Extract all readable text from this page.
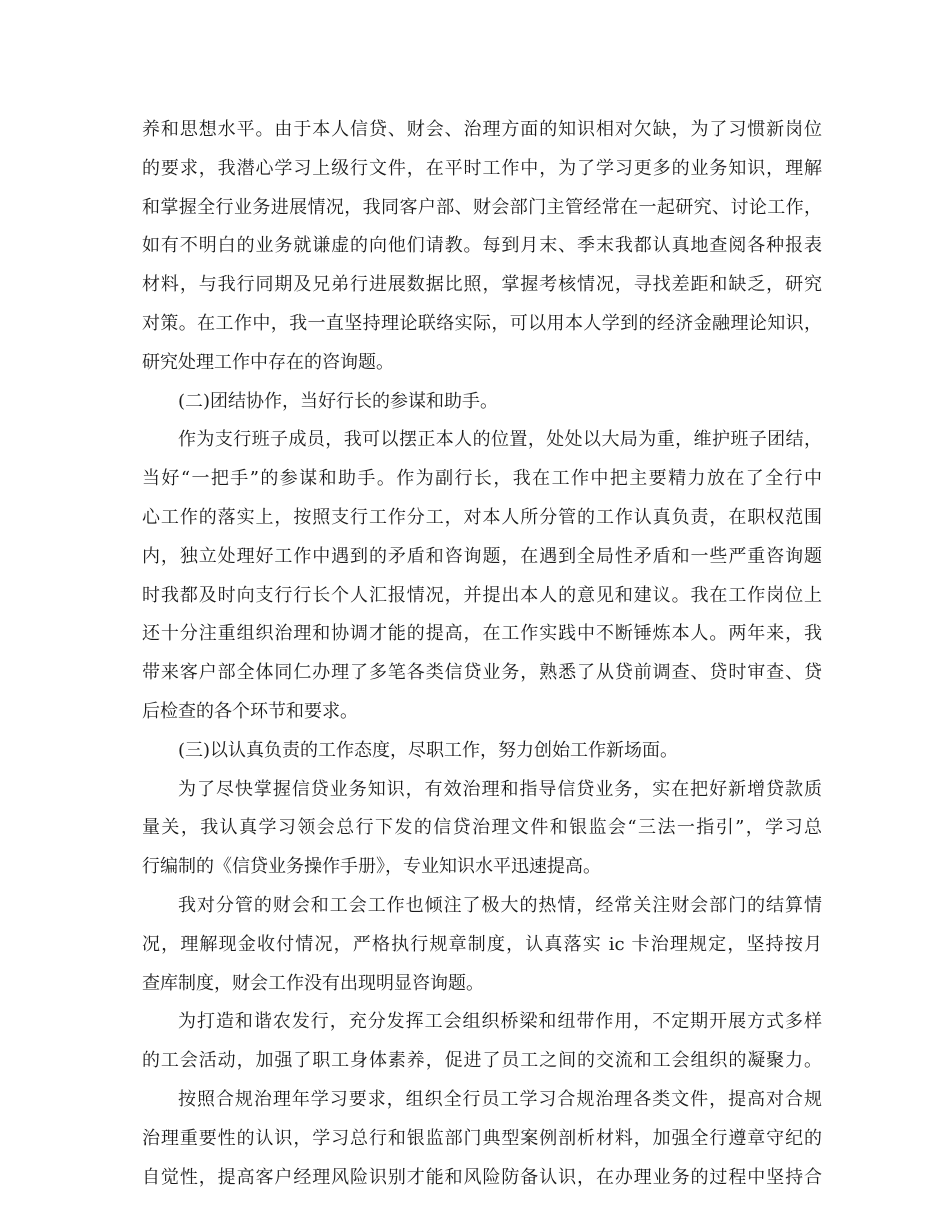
养和思想水平。由于本人信贷、财会、治理方面的知识相对欠缺，为了习惯新岗位
的要求，我潜心学习上级行文件，在平时工作中，为了学习更多的业务知识，理解
和掌握全行业务进展情况，我同客户部、财会部门主管经常在一起研究、讨论工作，
如有不明白的业务就谦虚的向他们请教。每到月末、季末我都认真地查阅各种报表
材料，与我行同期及兄弟行进展数据比照，掌握考核情况，寻找差距和缺乏，研究
对策。在工作中，我一直坚持理论联络实际，可以用本人学到的经济金融理论知识，
研究处理工作中存在的咨询题。
(二)团结协作，当好行长的参谋和助手。
作为支行班子成员，我可以摆正本人的位置，处处以大局为重，维护班子团结，
当好“一把手”的参谋和助手。作为副行长，我在工作中把主要精力放在了全行中
心工作的落实上，按照支行工作分工，对本人所分管的工作认真负责，在职权范围
内，独立处理好工作中遇到的矛盾和咨询题，在遇到全局性矛盾和一些严重咨询题
时我都及时向支行行长个人汇报情况，并提出本人的意见和建议。我在工作岗位上
还十分注重组织治理和协调才能的提高，在工作实践中不断锤炼本人。两年来，我
带来客户部全体同仁办理了多笔各类信贷业务，熟悉了从贷前调查、贷时审查、贷
后检查的各个环节和要求。
(三)以认真负责的工作态度，尽职工作，努力创始工作新场面。
为了尽快掌握信贷业务知识，有效治理和指导信贷业务，实在把好新增贷款质
量关，我认真学习领会总行下发的信贷治理文件和银监会“三法一指引”，学习总
行编制的《信贷业务操作手册》，专业知识水平迅速提高。
我对分管的财会和工会工作也倾注了极大的热情，经常关注财会部门的结算情
况，理解现金收付情况，严格执行规章制度，认真落实 ic 卡治理规定，坚持按月
查库制度，财会工作没有出现明显咨询题。
为打造和谐农发行，充分发挥工会组织桥梁和纽带作用，不定期开展方式多样
的工会活动，加强了职工身体素养，促进了员工之间的交流和工会组织的凝聚力。
按照合规治理年学习要求，组织全行员工学习合规治理各类文件，提高对合规
治理重要性的认识，学习总行和银监部门典型案例剖析材料，加强全行遵章守纪的
自觉性，提高客户经理风险识别才能和风险防备认识，在办理业务的过程中坚持合
